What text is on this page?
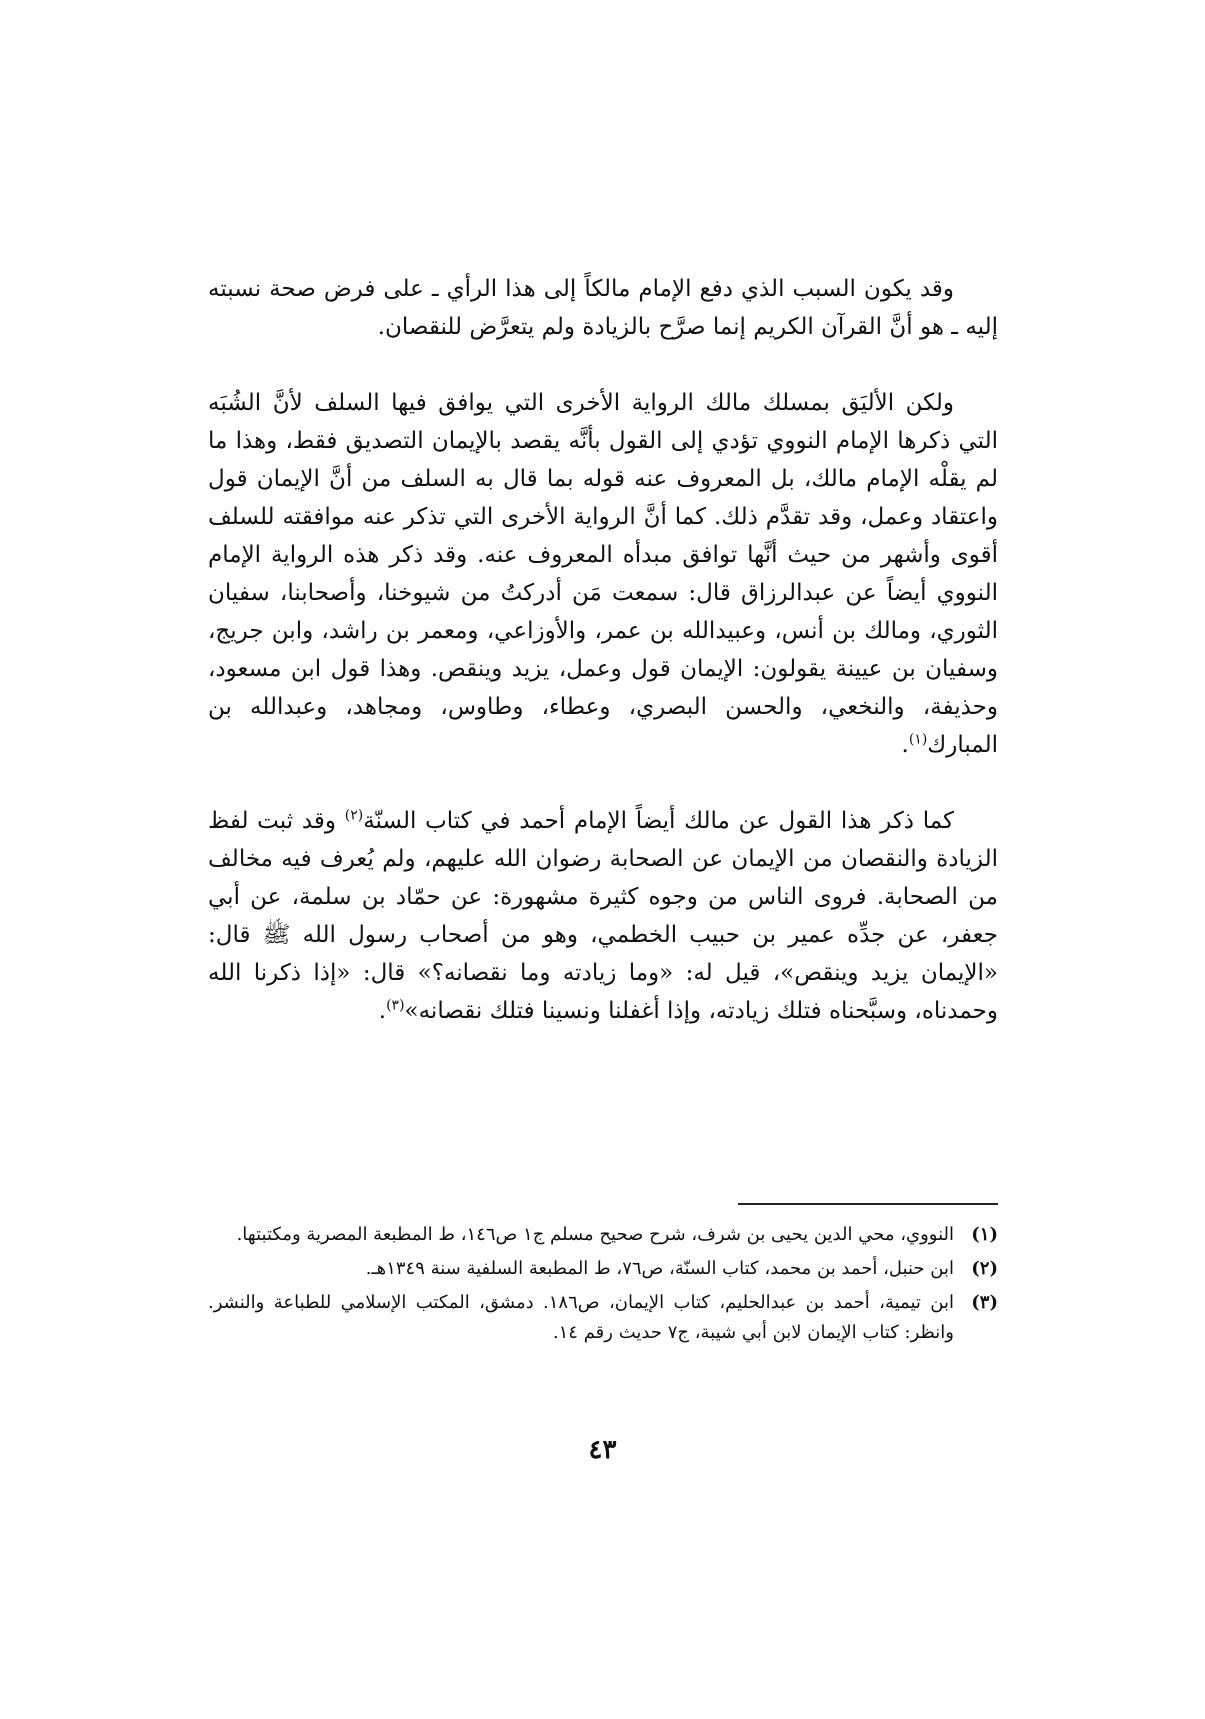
وقد يكون السبب الذي دفع الإمام مالكاً إلى هذا الرأي ـ على فرض صحة نسبته إليه ـ هو أنَّ القرآن الكريم إنما صرَّح بالزيادة ولم يتعرَّض للنقصان.

ولكن الأليَق بمسلك مالك الرواية الأخرى التي يوافق فيها السلف لأنَّ الشُبَه التي ذكرها الإمام النووي تؤدي إلى القول بأنَّه يقصد بالإيمان التصديق فقط، وهذا ما لم يقلْه الإمام مالك، بل المعروف عنه قوله بما قال به السلف من أنَّ الإيمان قول واعتقاد وعمل، وقد تقدَّم ذلك. كما أنَّ الرواية الأخرى التي تذكر عنه موافقته للسلف أقوى وأشهر من حيث أنَّها توافق مبدأه المعروف عنه. وقد ذكر هذه الرواية الإمام النووي أيضاً عن عبدالرزاق قال: سمعت مَن أدركتُ من شيوخنا، وأصحابنا، سفيان الثوري، ومالك بن أنس، وعبيدالله بن عمر، والأوزاعي، ومعمر بن راشد، وابن جريج، وسفيان بن عيينة يقولون: الإيمان قول وعمل، يزيد وينقص. وهذا قول ابن مسعود، وحذيفة، والنخعي، والحسن البصري، وعطاء، وطاوس، ومجاهد، وعبدالله بن المبارك$^{(١)}$.

كما ذكر هذا القول عن مالك أيضاً الإمام أحمد في كتاب السنّة$^{(٢)}$ وقد ثبت لفظ الزيادة والنقصان من الإيمان عن الصحابة رضوان الله عليهم، ولم يُعرف فيه مخالف من الصحابة. فروى الناس من وجوه كثيرة مشهورة: عن حمّاد بن سلمة، عن أبي جعفر، عن جدِّه عمير بن حبيب الخطمي، وهو من أصحاب رسول الله ﷺ قال: «الإيمان يزيد وينقص»، قيل له: «وما زيادته وما نقصانه؟» قال: «إذا ذكرنا الله وحمدناه، وسبَّحناه فتلك زيادته، وإذا أغفلنا ونسينا فتلك نقصانه»$^{(٣)}$.

(١)
النووي، محي الدين يحيى بن شرف، شرح صحيح مسلم ج١ ص١٤٦، ط المطبعة المصرية ومكتبتها.
(٢)
ابن حنبل، أحمد بن محمد، كتاب السنّة، ص٧٦، ط المطبعة السلفية سنة ١٣٤٩هـ.
(٣)
ابن تيمية، أحمد بن عبدالحليم، كتاب الإيمان، ص١٨٦. دمشق، المكتب الإسلامي للطباعة والنشر. وانظر: كتاب الإيمان لابن أبي شيبة، ج٧ حديث رقم ١٤.
٤٣
